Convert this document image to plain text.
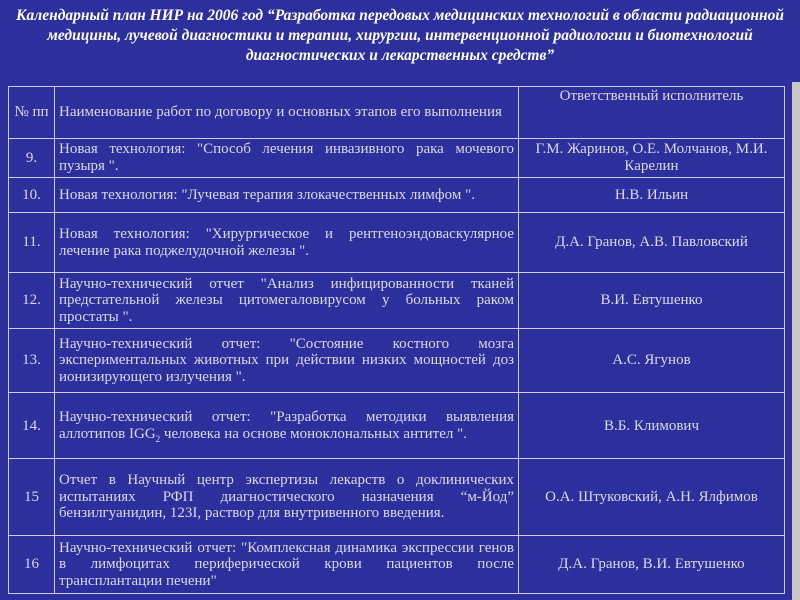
Календарный план НИР на 2006 год “Разработка передовых медицинских технологий в области радиационной медицины, лучевой диагностики и терапии, хирургии, интервенционной радиологии и биотехнологий диагностических и лекарственных средств”
№ пп	Наименование работ по договору и основных этапов его выполнения	Ответственный исполнитель
9.	Новая технология: "Способ лечения инвазивного рака мочевого пузыря ".	Г.М. Жаринов, О.Е. Молчанов, М.И. Карелин
10.	Новая технология: "Лучевая терапия злокачественных лимфом ".	Н.В. Ильин
11.	Новая технология: "Хирургическое и рентгеноэндоваскулярное лечение рака поджелудочной железы ".	Д.А. Гранов, А.В. Павловский
12.	Научно-технический отчет "Анализ инфицированности тканей предстательной железы цитомегаловирусом у больных раком простаты ".	В.И. Евтушенко
13.	Научно-технический отчет: "Состояние костного мозга экспериментальных животных при действии низких мощностей доз ионизирующего излучения ".	А.С. Ягунов
14.	Научно-технический отчет: "Разработка методики выявления аллотипов $IGG_2$ человека на основе моноклональных антител ".	В.Б. Климович
15	Отчет в Научный центр экспертизы лекарств о доклинических испытаниях РФП диагностического назначения “м-Йод” бензилгуанидин, 123I, раствор для внутривенного введения.	О.А. Штуковский, А.Н. Ялфимов
16	Научно-технический отчет: "Комплексная динамика экспрессии генов в лимфоцитах периферической крови пациентов после трансплантации печени"	Д.А. Гранов, В.И. Евтушенко
